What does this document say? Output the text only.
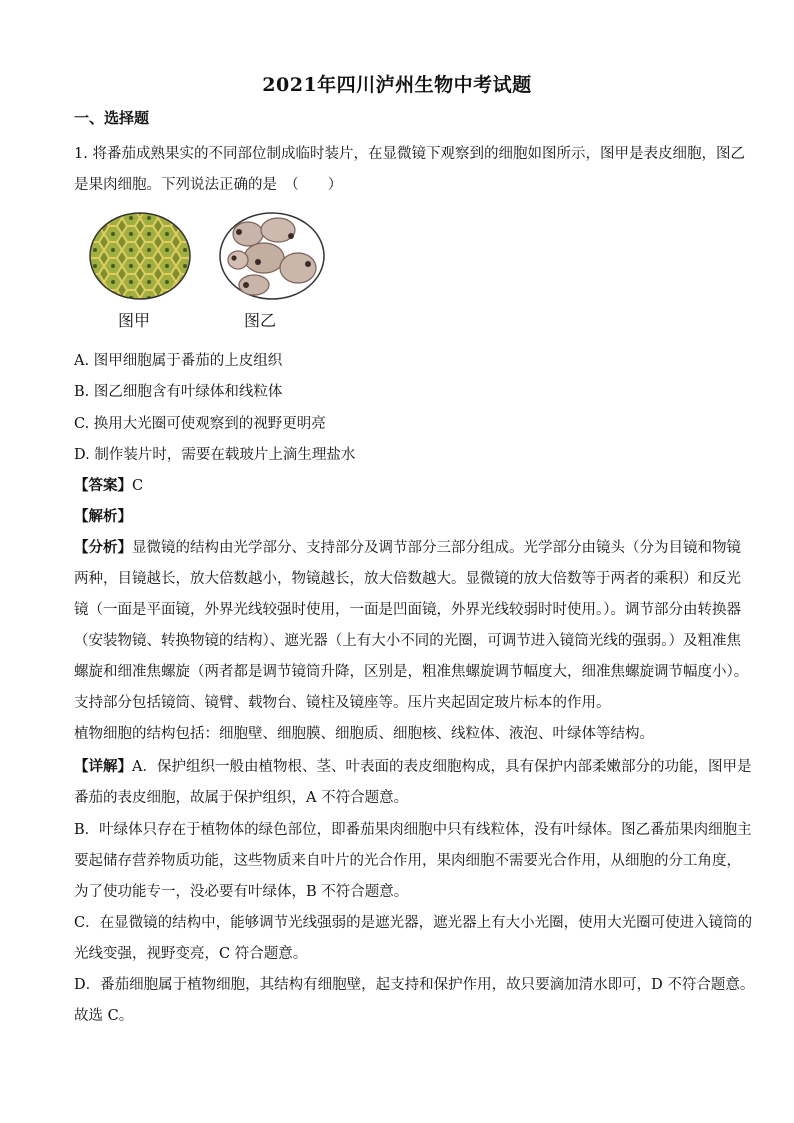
2021年四川泸州生物中考试题
一、选择题
1. 将番茄成熟果实的不同部位制成临时装片，在显微镜下观察到的细胞如图所示，图甲是表皮细胞，图乙
是果肉细胞。下列说法正确的是　（　　）
图甲	图乙
A. 图甲细胞属于番茄的上皮组织
B. 图乙细胞含有叶绿体和线粒体
C. 换用大光圈可使观察到的视野更明亮
D. 制作装片时，需要在载玻片上滴生理盐水
【答案】C
【解析】
【分析】显微镜的结构由光学部分、支持部分及调节部分三部分组成。光学部分由镜头（分为目镜和物镜
两种，目镜越长，放大倍数越小，物镜越长，放大倍数越大。显微镜的放大倍数等于两者的乘积）和反光
镜（一面是平面镜，外界光线较强时使用，一面是凹面镜，外界光线较弱时时使用。）。调节部分由转换器
（安装物镜、转换物镜的结构）、遮光器（上有大小不同的光圈，可调节进入镜筒光线的强弱。）及粗准焦
螺旋和细准焦螺旋（两者都是调节镜筒升降，区别是，粗准焦螺旋调节幅度大，细准焦螺旋调节幅度小）。
支持部分包括镜筒、镜臂、载物台、镜柱及镜座等。压片夹起固定玻片标本的作用。
植物细胞的结构包括：细胞壁、细胞膜、细胞质、细胞核、线粒体、液泡、叶绿体等结构。
【详解】A．保护组织一般由植物根、茎、叶表面的表皮细胞构成，具有保护内部柔嫩部分的功能，图甲是
番茄的表皮细胞，故属于保护组织，A 不符合题意。
B．叶绿体只存在于植物体的绿色部位，即番茄果肉细胞中只有线粒体，没有叶绿体。图乙番茄果肉细胞主
要起储存营养物质功能，这些物质来自叶片的光合作用，果肉细胞不需要光合作用，从细胞的分工角度，
为了使功能专一，没必要有叶绿体，B 不符合题意。
C．在显微镜的结构中，能够调节光线强弱的是遮光器，遮光器上有大小光圈，使用大光圈可使进入镜筒的
光线变强，视野变亮，C 符合题意。
D．番茄细胞属于植物细胞，其结构有细胞壁，起支持和保护作用，故只要滴加清水即可，D 不符合题意。
故选 C。
